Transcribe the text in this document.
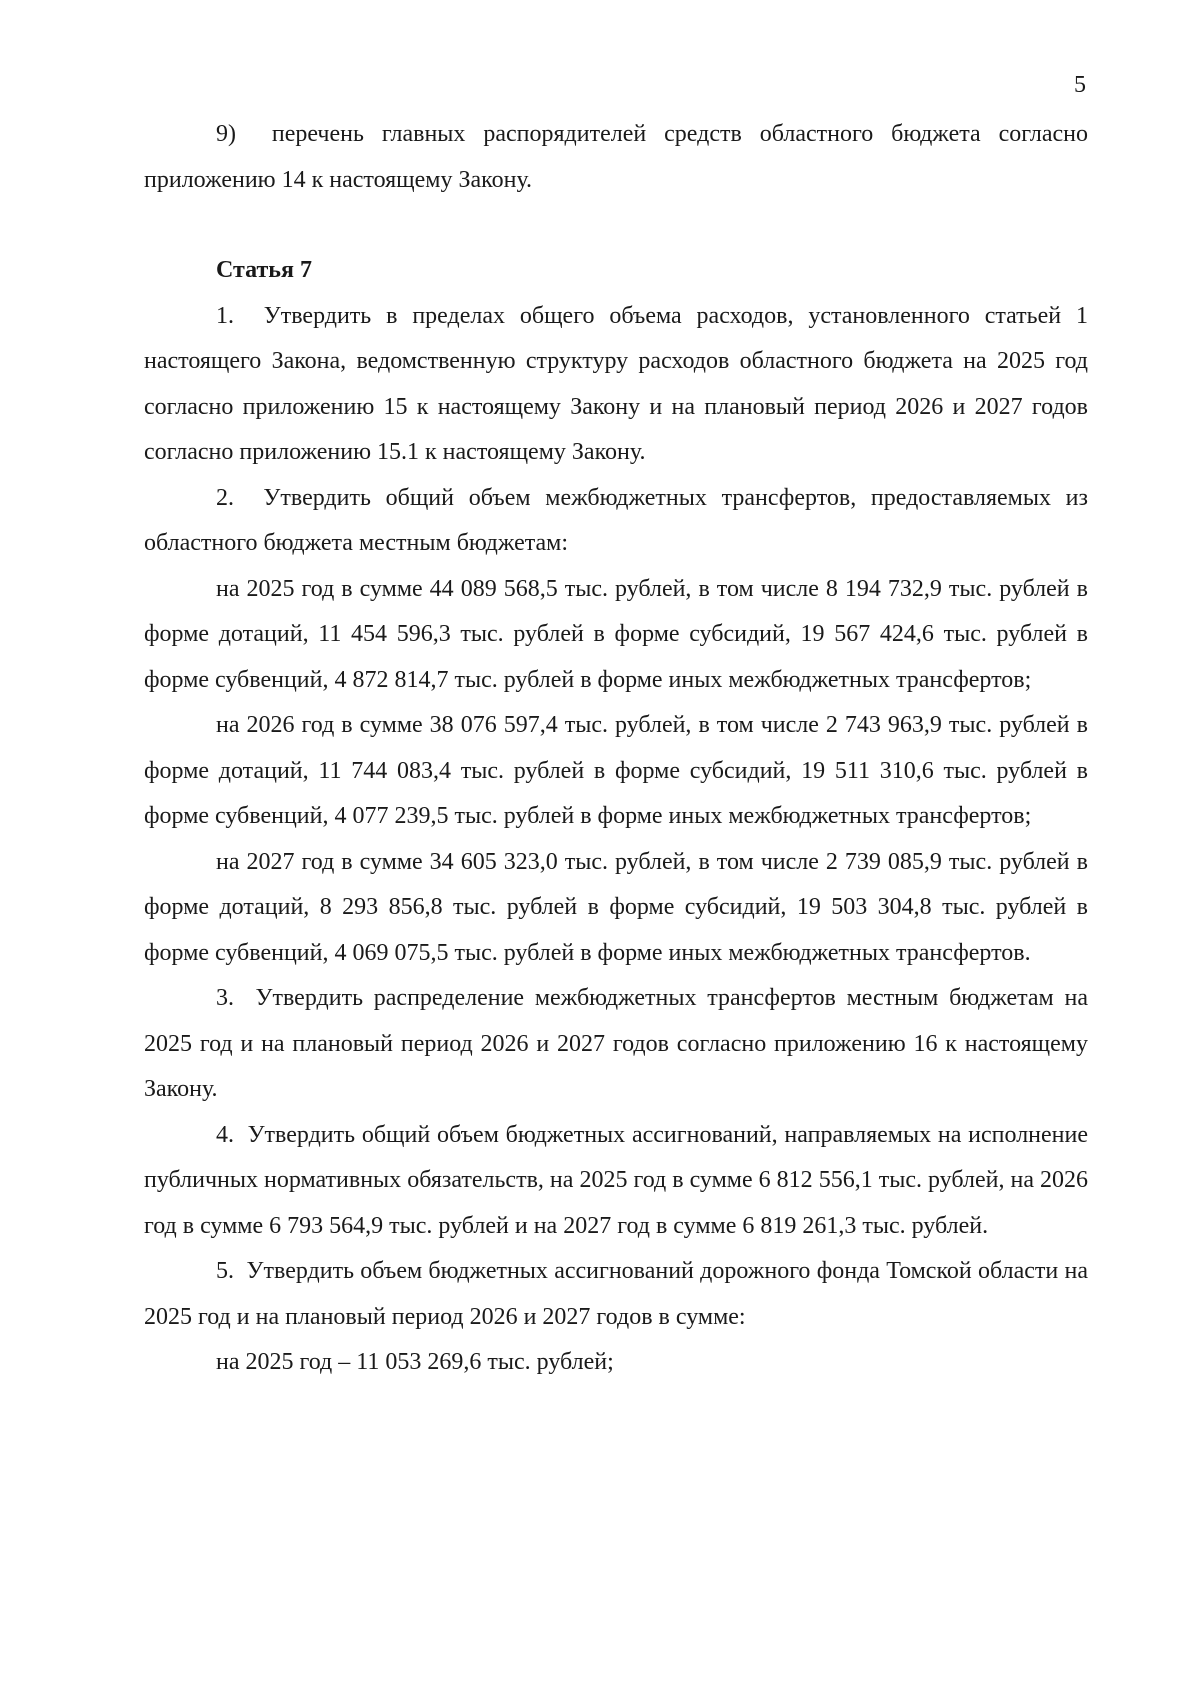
5

9)  перечень главных распорядителей средств областного бюджета согласно приложению 14 к настоящему Закону.

Статья 7

1.  Утвердить в пределах общего объема расходов, установленного статьей 1 настоящего Закона, ведомственную структуру расходов областного бюджета на 2025 год согласно приложению 15 к настоящему Закону и на плановый период 2026 и 2027 годов согласно приложению 15.1 к настоящему Закону.

2.  Утвердить общий объем межбюджетных трансфертов, предоставляемых из областного бюджета местным бюджетам:

на 2025 год в сумме 44 089 568,5 тыс. рублей, в том числе 8 194 732,9 тыс. рублей в форме дотаций, 11 454 596,3 тыс. рублей в форме субсидий, 19 567 424,6 тыс. рублей в форме субвенций, 4 872 814,7 тыс. рублей в форме иных межбюджетных трансфертов;

на 2026 год в сумме 38 076 597,4 тыс. рублей, в том числе 2 743 963,9 тыс. рублей в форме дотаций, 11 744 083,4 тыс. рублей в форме субсидий, 19 511 310,6 тыс. рублей в форме субвенций, 4 077 239,5 тыс. рублей в форме иных межбюджетных трансфертов;

на 2027 год в сумме 34 605 323,0 тыс. рублей, в том числе 2 739 085,9 тыс. рублей в форме дотаций, 8 293 856,8 тыс. рублей в форме субсидий, 19 503 304,8 тыс. рублей в форме субвенций, 4 069 075,5 тыс. рублей в форме иных межбюджетных трансфертов.

3.  Утвердить распределение межбюджетных трансфертов местным бюджетам на 2025 год и на плановый период 2026 и 2027 годов согласно приложению 16 к настоящему Закону.

4.  Утвердить общий объем бюджетных ассигнований, направляемых на исполнение публичных нормативных обязательств, на 2025 год в сумме 6 812 556,1 тыс. рублей, на 2026 год в сумме 6 793 564,9 тыс. рублей и на 2027 год в сумме 6 819 261,3 тыс. рублей.

5.  Утвердить объем бюджетных ассигнований дорожного фонда Томской области на 2025 год и на плановый период 2026 и 2027 годов в сумме:

на 2025 год – 11 053 269,6 тыс. рублей;
